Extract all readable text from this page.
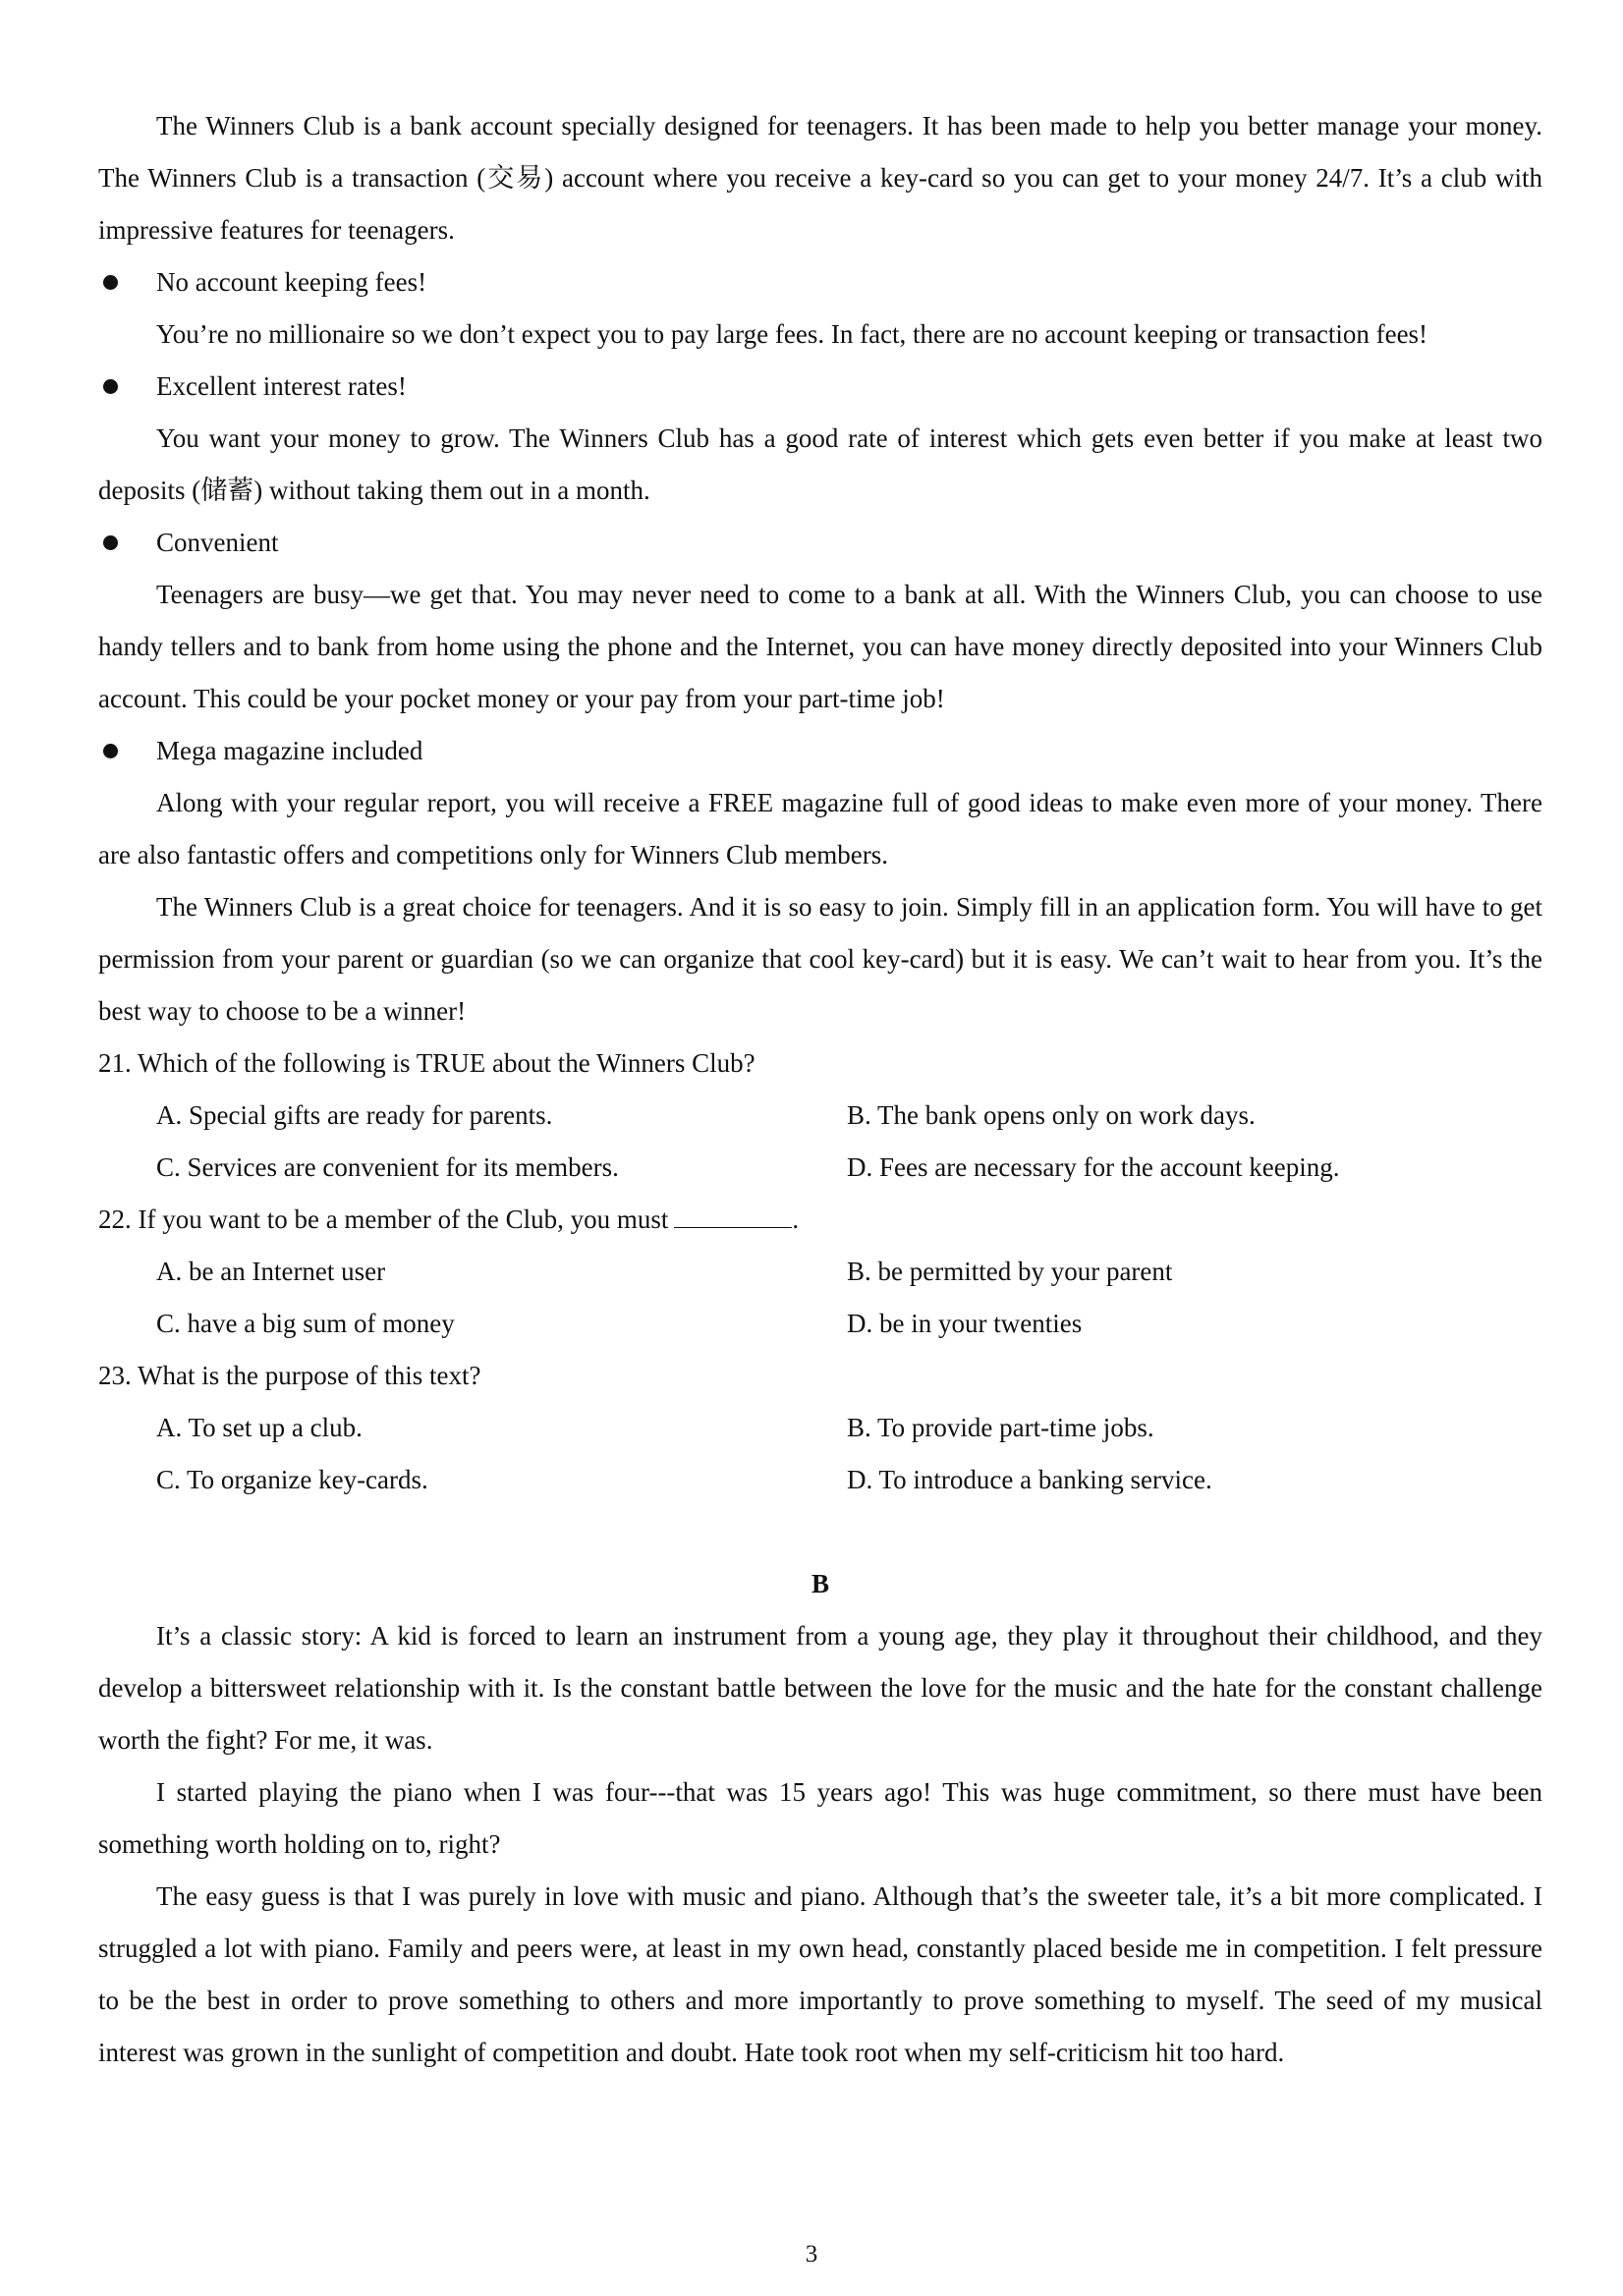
The Winners Club is a bank account specially designed for teenagers. It has been made to help you better manage your money. The Winners Club is a transaction (交易) account where you receive a key-card so you can get to your money 24/7. It’s a club with impressive features for teenagers.

No account keeping fees!

You’re no millionaire so we don’t expect you to pay large fees. In fact, there are no account keeping or transaction fees!

Excellent interest rates!

You want your money to grow. The Winners Club has a good rate of interest which gets even better if you make at least two deposits (储蓄) without taking them out in a month.

Convenient

Teenagers are busy—we get that. You may never need to come to a bank at all. With the Winners Club, you can choose to use handy tellers and to bank from home using the phone and the Internet, you can have money directly deposited into your Winners Club account. This could be your pocket money or your pay from your part-time job!

Mega magazine included

Along with your regular report, you will receive a FREE magazine full of good ideas to make even more of your money. There are also fantastic offers and competitions only for Winners Club members.

The Winners Club is a great choice for teenagers. And it is so easy to join. Simply fill in an application form. You will have to get permission from your parent or guardian (so we can organize that cool key-card) but it is easy. We can’t wait to hear from you. It’s the best way to choose to be a winner!

21. Which of the following is TRUE about the Winners Club?

A. Special gifts are ready for parents.	B. The bank opens only on work days.
C. Services are convenient for its members.	D. Fees are necessary for the account keeping.

22. If you want to be a member of the Club, you must	.

A. be an Internet user	B. be permitted by your parent
C. have a big sum of money	D. be in your twenties

23. What is the purpose of this text?

A. To set up a club.	B. To provide part-time jobs.
C. To organize key-cards.	D. To introduce a banking service.
B

It’s a classic story: A kid is forced to learn an instrument from a young age, they play it throughout their childhood, and they develop a bittersweet relationship with it. Is the constant battle between the love for the music and the hate for the constant challenge worth the fight? For me, it was.

I started playing the piano when I was four---that was 15 years ago! This was huge commitment, so there must have been something worth holding on to, right?

The easy guess is that I was purely in love with music and piano. Although that’s the sweeter tale, it’s a bit more complicated. I struggled a lot with piano. Family and peers were, at least in my own head, constantly placed beside me in competition. I felt pressure to be the best in order to prove something to others and more importantly to prove something to myself. The seed of my musical interest was grown in the sunlight of competition and doubt. Hate took root when my self-criticism hit too hard.

3
